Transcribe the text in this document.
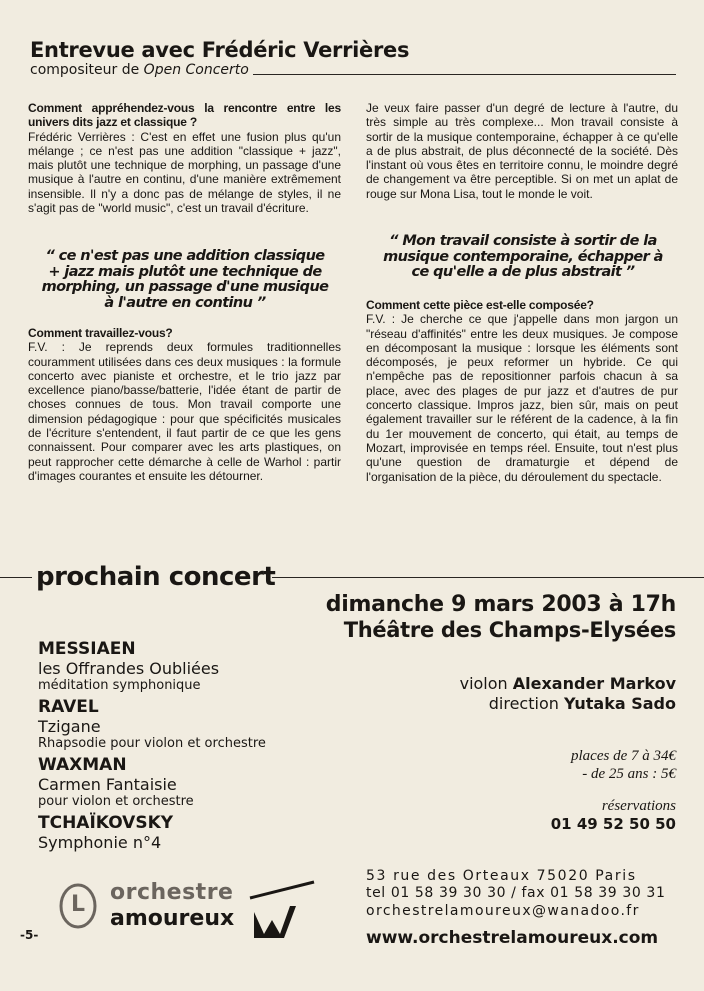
Entrevue avec Frédéric Verrières
compositeur de Open Concerto

Comment appréhendez-vous la rencontre entre les univers dits jazz et classique ?

Frédéric Verrières : C'est en effet une fusion plus qu'un mélange ; ce n'est pas une addition "classique + jazz", mais plutôt une technique de morphing, un passage d'une musique à l'autre en continu, d'une manière extrêmement insensible. Il n'y a donc pas de mélange de styles, il ne s'agit pas de "world music", c'est un travail d'écriture.

“ ce n'est pas une addition classique + jazz mais plutôt une technique de morphing, un passage d'une musique à l'autre en continu ”

Comment travaillez-vous?

F.V. : Je reprends deux formules traditionnelles couramment utilisées dans ces deux musiques : la formule concerto avec pianiste et orchestre, et le trio jazz par excellence piano/basse/batterie, l'idée étant de partir de choses connues de tous. Mon travail comporte une dimension pédagogique : pour que spécificités musicales de l'écriture s'entendent, il faut partir de ce que les gens connaissent. Pour comparer avec les arts plastiques, on peut rapprocher cette démarche à celle de Warhol : partir d'images courantes et ensuite les détourner.

Je veux faire passer d'un degré de lecture à l'autre, du très simple au très complexe... Mon travail consiste à sortir de la musique contemporaine, échapper à ce qu'elle a de plus abstrait, de plus déconnecté de la société. Dès l'instant où vous êtes en territoire connu, le moindre degré de changement va être perceptible. Si on met un aplat de rouge sur Mona Lisa, tout le monde le voit.

“ Mon travail consiste à sortir de la musique contemporaine, échapper à ce qu'elle a de plus abstrait ”

Comment cette pièce est-elle composée?

F.V. : Je cherche ce que j'appelle dans mon jargon un "réseau d'affinités" entre les deux musiques. Je compose en décomposant la musique : lorsque les éléments sont décomposés, je peux reformer un hybride. Ce qui n'empêche pas de repositionner parfois chacun à sa place, avec des plages de pur jazz et d'autres de pur concerto classique. Impros jazz, bien sûr, mais on peut également travailler sur le référent de la cadence, à la fin du 1er mouvement de concerto, qui était, au temps de Mozart, improvisée en temps réel. Ensuite, tout n'est plus qu'une question de dramaturgie et dépend de l'organisation de la pièce, du déroulement du spectacle.

prochain concert
dimanche 9 mars 2003 à 17h
Théâtre des Champs-Elysées
MESSIAEN
les Offrandes Oubliées
méditation symphonique
RAVEL
Tzigane
Rhapsodie pour violon et orchestre
WAXMAN
Carmen Fantaisie
pour violon et orchestre
TCHAÏKOVSKY
Symphonie n°4
violon Alexander Markov
direction Yutaka Sado
places de 7 à 34€
- de 25 ans : 5€
réservations
01 49 52 50 50
L orchestre
amoureux
-5-
53 rue des Orteaux 75020 Paris
tel 01 58 39 30 30 / fax 01 58 39 30 31
orchestrelamoureux@wanadoo.fr
www.orchestrelamoureux.com
